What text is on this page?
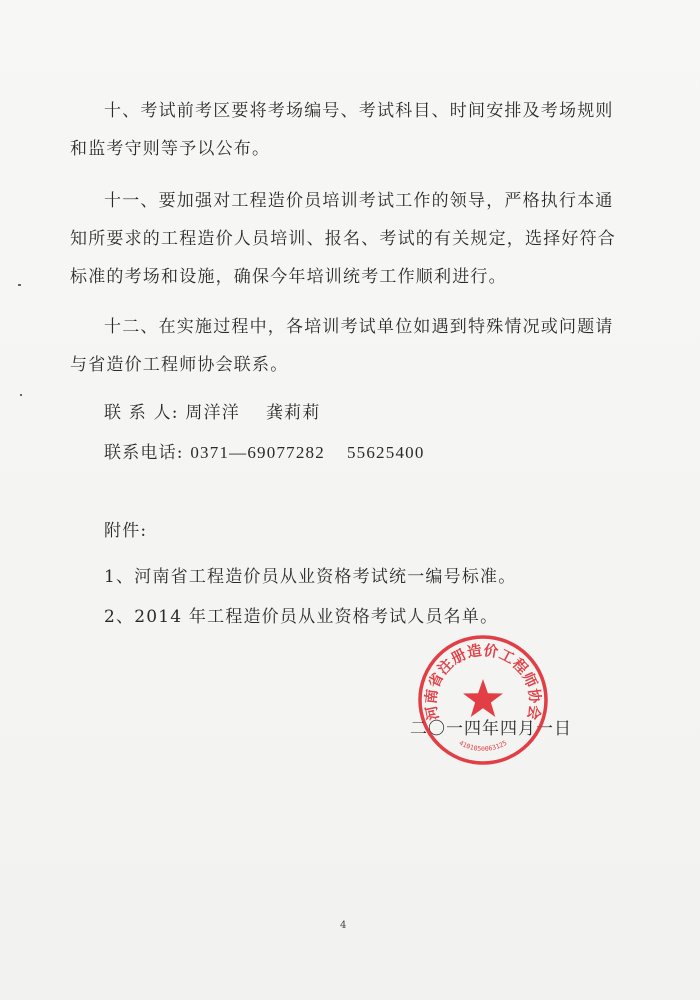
十、考试前考区要将考场编号、考试科目、时间安排及考场规则和监考守则等予以公布。

十一、要加强对工程造价员培训考试工作的领导，严格执行本通知所要求的工程造价人员培训、报名、考试的有关规定，选择好符合标准的考场和设施，确保今年培训统考工作顺利进行。

十二、在实施过程中，各培训考试单位如遇到特殊情况或问题请与省造价工程师协会联系。

联 系 人: 周洋洋 龚莉莉
联系电话: 0371—69077282 55625400
附件:
1、河南省工程造价员从业资格考试统一编号标准。
2、2014 年工程造价员从业资格考试人员名单。
二〇一四年四月一日
河南省注册造价工程师协会
4101050063125
4
